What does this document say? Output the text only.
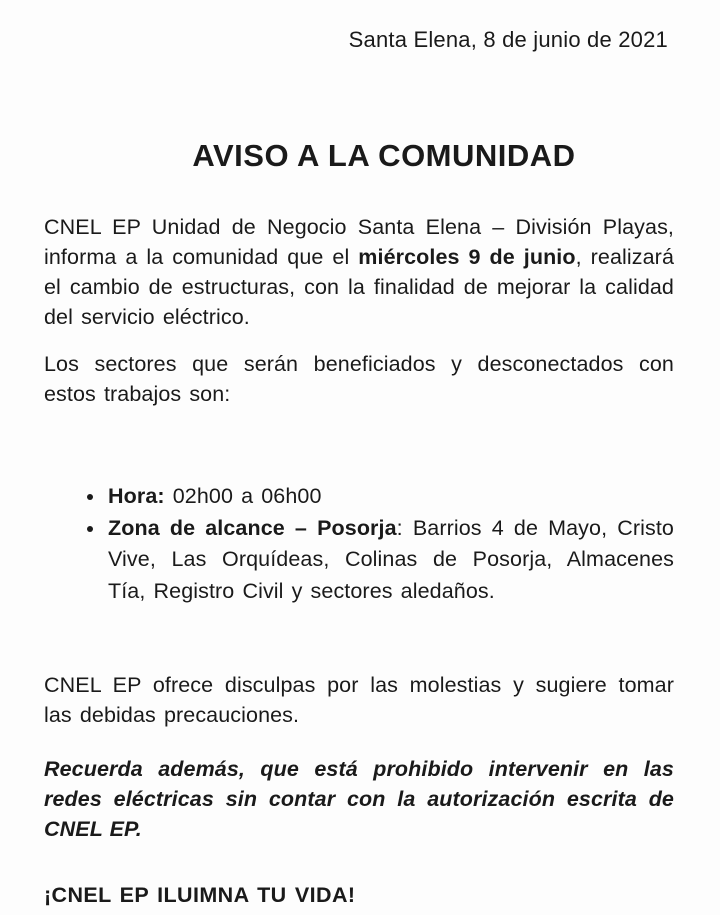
Santa Elena, 8 de junio de 2021
AVISO A LA COMUNIDAD

CNEL EP Unidad de Negocio Santa Elena – División Playas, informa a la comunidad que el miércoles 9 de junio, realizará el cambio de estructuras, con la finalidad de mejorar la calidad del servicio eléctrico.

Los sectores que serán beneficiados y desconectados con estos trabajos son:

• Hora: 02h00 a 06h00
• Zona de alcance – Posorja: Barrios 4 de Mayo, Cristo Vive, Las Orquídeas, Colinas de Posorja, Almacenes Tía, Registro Civil y sectores aledaños.

CNEL EP ofrece disculpas por las molestias y sugiere tomar las debidas precauciones.

Recuerda además, que está prohibido intervenir en las redes eléctricas sin contar con la autorización escrita de CNEL EP.

¡CNEL EP ILUIMNA TU VIDA!
